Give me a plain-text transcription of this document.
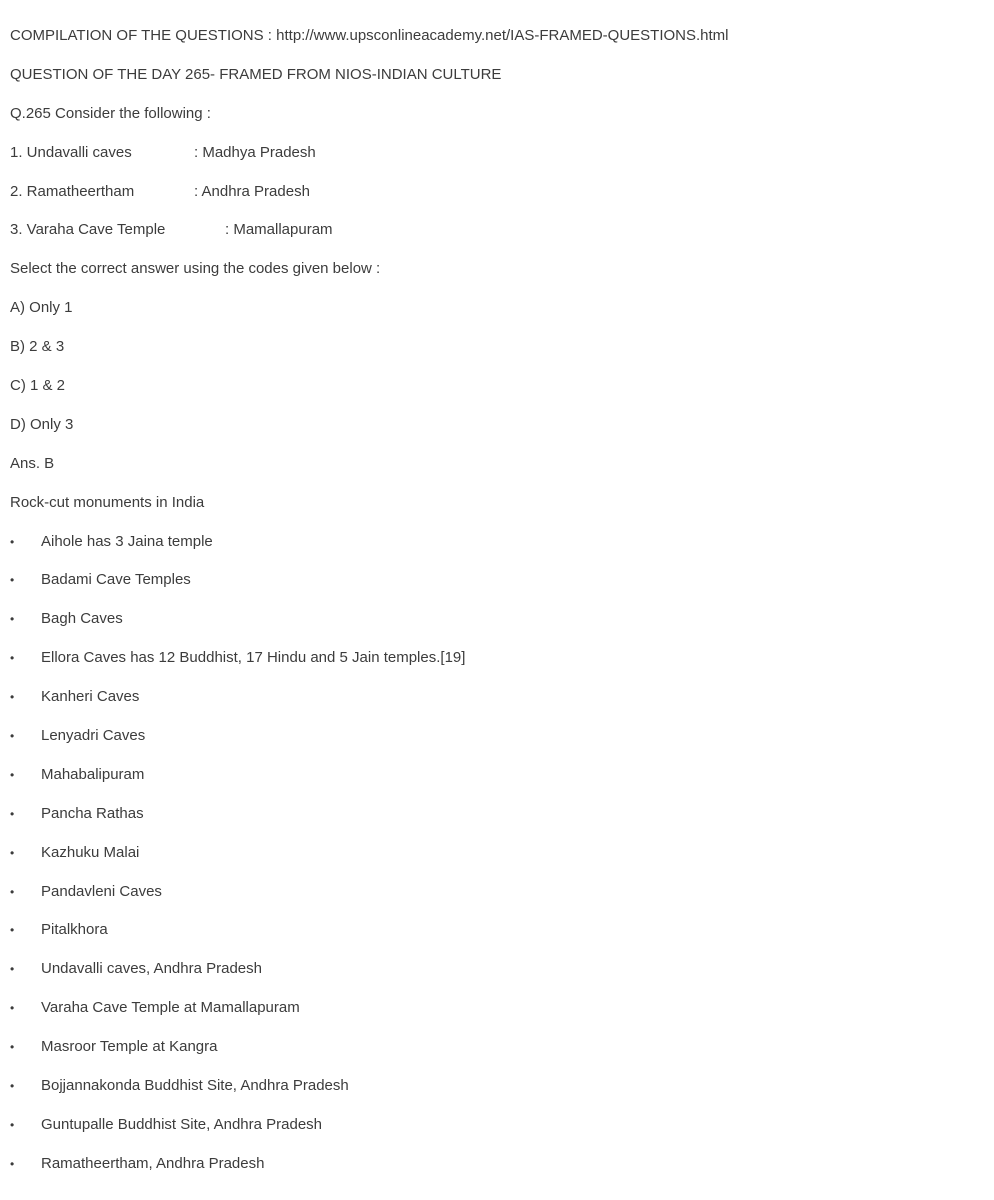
COMPILATION OF THE QUESTIONS : http://www.upsconlineacademy.net/IAS-FRAMED-QUESTIONS.html
QUESTION OF THE DAY 265- FRAMED FROM NIOS-INDIAN CULTURE
Q.265 Consider the following :
1. Undavalli caves	: Madhya Pradesh
2. Ramatheertham	: Andhra Pradesh
3. Varaha Cave Temple	: Mamallapuram
Select the correct answer using the codes given below :
A) Only 1
B) 2 & 3
C) 1 & 2
D) Only 3
Ans. B
Rock-cut monuments in India
•	Aihole has 3 Jaina temple
•	Badami Cave Temples
•	Bagh Caves
•	Ellora Caves has 12 Buddhist, 17 Hindu and 5 Jain temples.[19]
•	Kanheri Caves
•	Lenyadri Caves
•	Mahabalipuram
•	Pancha Rathas
•	Kazhuku Malai
•	Pandavleni Caves
•	Pitalkhora
•	Undavalli caves, Andhra Pradesh
•	Varaha Cave Temple at Mamallapuram
•	Masroor Temple at Kangra
•	Bojjannakonda Buddhist Site, Andhra Pradesh
•	Guntupalle Buddhist Site, Andhra Pradesh
•	Ramatheertham, Andhra Pradesh
